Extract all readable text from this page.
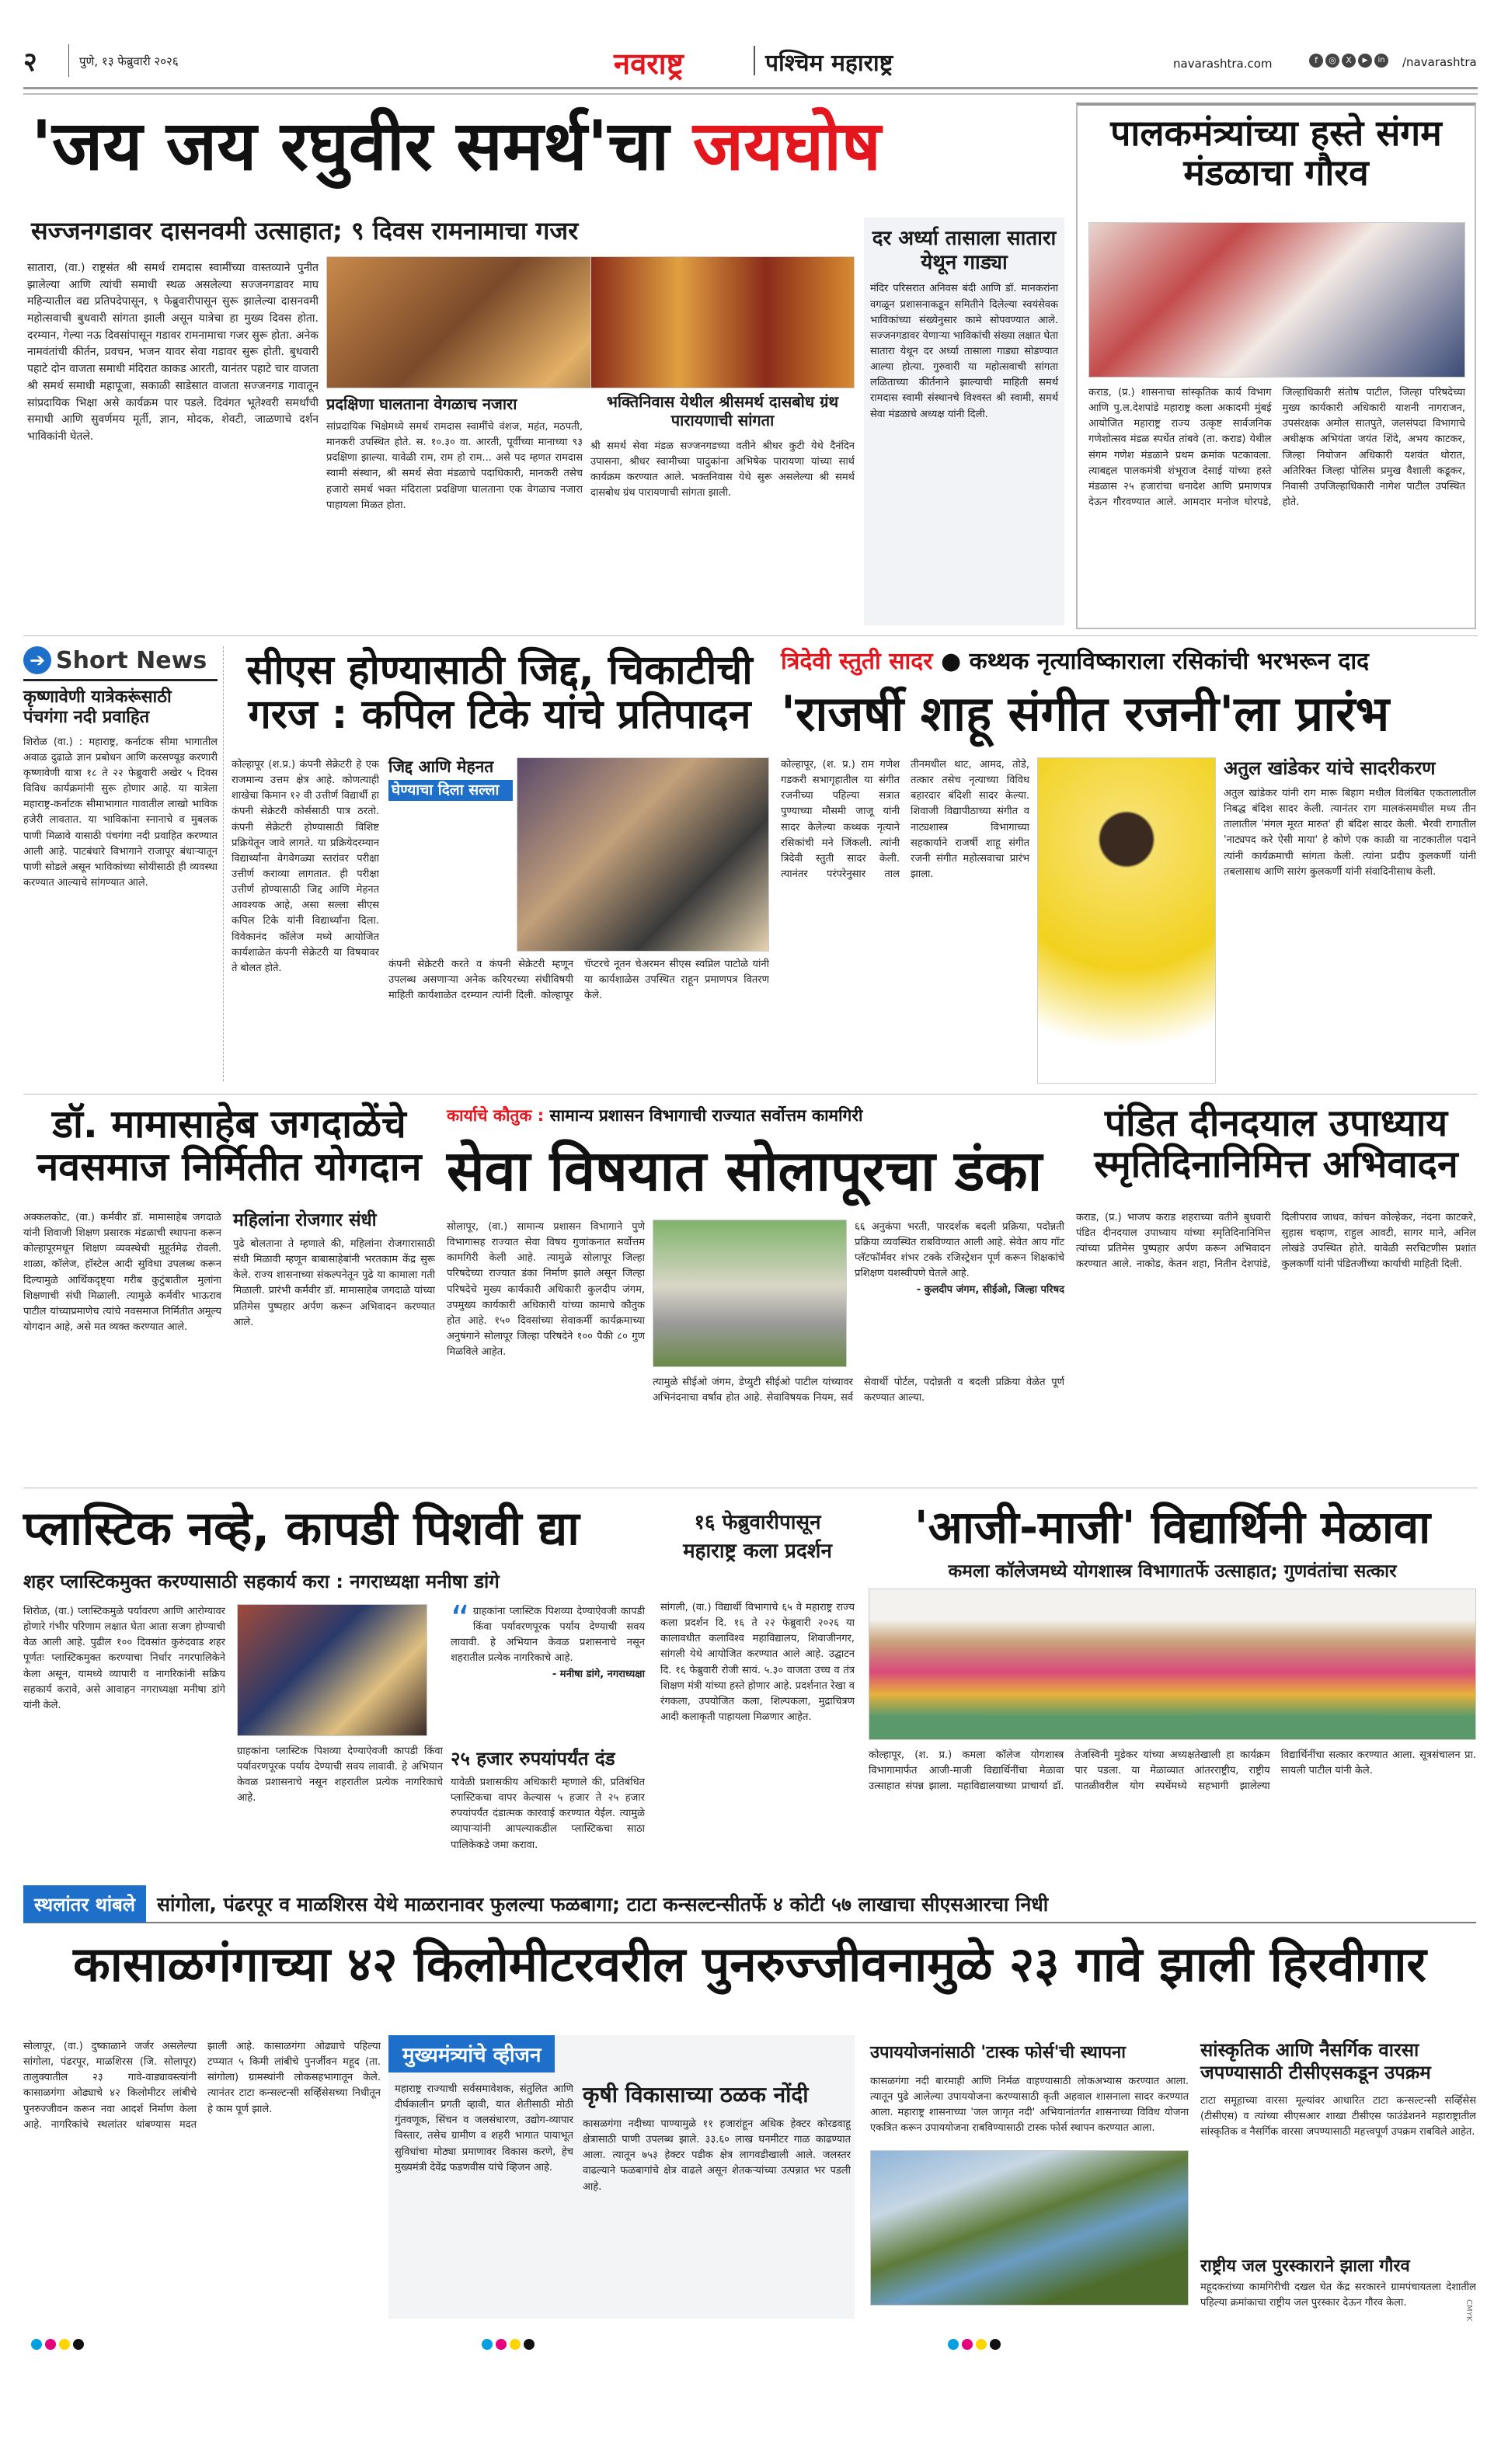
२	पुणे, १३ फेब्रुवारी २०२६	नवराष्ट्र	पश्चिम महाराष्ट्र	navarashtra.com	f	◎	X	▶	in /navarashtra
'जय जय रघुवीर समर्थ'चा जयघोष
सज्जनगडावर दासनवमी उत्साहात; ९ दिवस रामनामाचा गजर
सातारा, (वा.) राष्ट्रसंत श्री समर्थ रामदास स्वामींच्या वास्तव्याने पुनीत झालेल्या आणि त्यांची समाधी स्थळ असलेल्या सज्जनगडावर माघ महिन्यातील वद्य प्रतिपदेपासून, ९ फेब्रुवारीपासून सुरू झालेल्या दासनवमी महोत्सवाची बुधवारी सांगता झाली असून यात्रेचा हा मुख्य दिवस होता. दरम्यान, गेल्या नऊ दिवसांपासून गडावर रामनामाचा गजर सुरू होता. अनेक नामवंतांची कीर्तन, प्रवचन, भजन यावर सेवा गडावर सुरू होती. बुधवारी पहाटे दोन वाजता समाधी मंदिरात काकड आरती, यानंतर पहाटे चार वाजता श्री समर्थ समाधी महापूजा, सकाळी साडेसात वाजता सज्जनगड गावातून सांप्रदायिक भिक्षा असे कार्यक्रम पार पडले. दिवंगत भूतेश्वरी समर्थांची समाधी आणि सुवर्णमय मूर्ती, ज्ञान, मोदक, शेवटी, जाळणाचे दर्शन भाविकांनी घेतले.
प्रदक्षिणा घालताना वेगळाच नजारा
सांप्रदायिक भिक्षेमध्ये समर्थ रामदास स्वामींचे वंशज, महंत, मठपती, मानकरी उपस्थित होते. स. १०.३० वा. आरती, पूर्वीच्या मानाच्या ९३ प्रदक्षिणा झाल्या. यावेळी राम, राम हो राम... असे पद म्हणत रामदास स्वामी संस्थान, श्री समर्थ सेवा मंडळाचे पदाधिकारी, मानकरी तसेच हजारो समर्थ भक्त मंदिराला प्रदक्षिणा घालताना एक वेगळाच नजारा पाहायला मिळत होता.
भक्तिनिवास येथील श्रीसमर्थ दासबोध ग्रंथ पारायणाची सांगता
श्री समर्थ सेवा मंडळ सज्जनगडच्या वतीने श्रीधर कुटी येथे दैनंदिन उपासना, श्रीधर स्वामीच्या पादुकांना अभिषेक पारायणा यांच्या सार्थ कार्यक्रम करण्यात आले. भक्तनिवास येथे सुरू असलेल्या श्री समर्थ दासबोध ग्रंथ पारायणाची सांगता झाली.
दर अर्ध्या तासाला सातारा येथून गाड्या
मंदिर परिसरात अनिवस बंदी आणि डॉ. मानकरांना वगळून प्रशासनाकडून समितीने दिलेल्या स्वयंसेवक भाविकांच्या संख्येनुसार कामे सोपवण्यात आले. सज्जनगडावर येणाऱ्या भाविकांची संख्या लक्षात घेता सातारा येथून दर अर्ध्या तासाला गाड्या सोडण्यात आल्या होत्या. गुरुवारी या महोत्सवाची सांगता लळिताच्या कीर्तनाने झाल्याची माहिती समर्थ रामदास स्वामी संस्थानचे विश्वस्त श्री स्वामी, समर्थ सेवा मंडळाचे अध्यक्ष यांनी दिली.
पालकमंत्र्यांच्या हस्ते संगम मंडळाचा गौरव
कराड, (प्र.) शासनाचा सांस्कृतिक कार्य विभाग आणि पु.ल.देशपांडे महाराष्ट्र कला अकादमी मुंबई आयोजित महाराष्ट्र राज्य उत्कृष्ट सार्वजनिक गणेशोत्सव मंडळ स्पर्धेत तांबवे (ता. कराड) येथील संगम गणेश मंडळाने प्रथम क्रमांक पटकावला. त्याबद्दल पालकमंत्री शंभूराज देसाई यांच्या हस्ते मंडळास २५ हजारांचा धनादेश आणि प्रमाणपत्र देऊन गौरवण्यात आले. आमदार मनोज घोरपडे, जिल्हाधिकारी संतोष पाटील, जिल्हा परिषदेच्या मुख्य कार्यकारी अधिकारी याशनी नागराजन, उपसंरक्षक अमोल सातपुते, जलसंपदा विभागाचे अधीक्षक अभियंता जयंत शिंदे, अभय काटकर, जिल्हा नियोजन अधिकारी यशवंत थोरात, अतिरिक्त जिल्हा पोलिस प्रमुख वैशाली कडूकर, निवासी उपजिल्हाधिकारी नागेश पाटील उपस्थित होते.
➔ Short News
कृष्णावेणी यात्रेकरूंसाठी पंचगंगा नदी प्रवाहित
शिरोळ (वा.) : महाराष्ट्र, कर्नाटक सीमा भागातील अवाळ दुढाळे ज्ञान प्रबोधन आणि करसण्यूड करणारी कृष्णावेणी यात्रा १८ ते २२ फेब्रुवारी अखेर ५ दिवस विविध कार्यक्रमांनी सुरू होणार आहे. या यात्रेला महाराष्ट्र-कर्नाटक सीमाभागात गावातील लाखो भाविक हजेरी लावतात. या भाविकांना स्नानाचे व मुबलक पाणी मिळावे यासाठी पंचगंगा नदी प्रवाहित करण्यात आली आहे. पाटबंधारे विभागाने राजापूर बंधाऱ्यातून पाणी सोडले असून भाविकांच्या सोयीसाठी ही व्यवस्था करण्यात आल्याचे सांगण्यात आले.
सीएस होण्यासाठी जिद्द, चिकाटीची गरज : कपिल टिके यांचे प्रतिपादन
कोल्हापूर (श.प्र.) कंपनी सेक्रेटरी हे एक राजमान्य उत्तम क्षेत्र आहे. कोणत्याही शाखेचा किमान १२ वी उत्तीर्ण विद्यार्थी हा कंपनी सेक्रेटरी कोर्ससाठी पात्र ठरतो. कंपनी सेक्रेटरी होण्यासाठी विशिष्ट प्रक्रियेतून जावे लागते. या प्रक्रियेदरम्यान विद्यार्थ्यांना वेगवेगळ्या स्तरांवर परीक्षा उत्तीर्ण कराव्या लागतात. ही परीक्षा उत्तीर्ण होण्यासाठी जिद्द आणि मेहनत आवश्यक आहे, असा सल्ला सीएस कपिल टिके यांनी विद्यार्थ्यांना दिला. विवेकानंद कॉलेज मध्ये आयोजित कार्यशाळेत कंपनी सेक्रेटरी या विषयावर ते बोलत होते.
जिद्द आणि मेहनत
घेण्याचा दिला सल्ला
कंपनी सेक्रेटरी करते व कंपनी सेक्रेटरी म्हणून उपलब्ध असणाऱ्या अनेक करियरच्या संधीविषयी माहिती कार्यशाळेत दरम्यान त्यांनी दिली. कोल्हापूर चॅप्टरचे नूतन चेअरमन सीएस स्वप्निल पाटोळे यांनी या कार्यशाळेस उपस्थित राहून प्रमाणपत्र वितरण केले.
त्रिदेवी स्तुती सादर ● कथ्थक नृत्याविष्काराला रसिकांची भरभरून दाद
'राजर्षी शाहू संगीत रजनी'ला प्रारंभ
कोल्हापूर, (श. प्र.) राम गणेश गडकरी सभागृहातील या संगीत रजनीच्या पहिल्या सत्रात पुण्याच्या मौसमी जाजू यांनी सादर केलेल्या कथ्थक नृत्याने रसिकांची मने जिंकली. त्यांनी त्रिदेवी स्तुती सादर केली. त्यानंतर परंपरेनुसार ताल तीनमधील थाट, आमद, तोडे, तत्कार तसेच नृत्याच्या विविध बहारदार बंदिशी सादर केल्या. शिवाजी विद्यापीठाच्या संगीत व नाट्यशास्त्र विभागाच्या सहकार्याने राजर्षी शाहू संगीत रजनी संगीत महोत्सवाचा प्रारंभ झाला.
अतुल खांडेकर यांचे सादरीकरण
अतुल खांडेकर यांनी राग मारू बिहाग मधील विलंबित एकतालातील निबद्ध बंदिश सादर केली. त्यानंतर राग मालकंसमधील मध्य तीन तालातील 'मंगल मूरत मारुत' ही बंदिश सादर केली. भैरवी रागातील 'नाट्यपद करे ऐसी माया' हे कोणे एक काळी या नाटकातील पदाने त्यांनी कार्यक्रमाची सांगता केली. त्यांना प्रदीप कुलकर्णी यांनी तबलासाथ आणि सारंग कुलकर्णी यांनी संवादिनीसाथ केली.
डॉ. मामासाहेब जगदाळेंचे नवसमाज निर्मितीत योगदान
अक्कलकोट, (वा.) कर्मवीर डॉ. मामासाहेब जगदाळे यांनी शिवाजी शिक्षण प्रसारक मंडळाची स्थापना करून कोल्हापूरमधून शिक्षण व्यवस्थेची मुहूर्तमेढ रोवली. शाळा, कॉलेज, हॉस्टेल आदी सुविधा उपलब्ध करून दिल्यामुळे आर्थिकदृष्ट्या गरीब कुटुंबातील मुलांना शिक्षणाची संधी मिळाली. त्यामुळे कर्मवीर भाऊराव पाटील यांच्याप्रमाणेच त्यांचे नवसमाज निर्मितीत अमूल्य योगदान आहे, असे मत व्यक्त करण्यात आले.
महिलांना रोजगार संधी
पुढे बोलताना ते म्हणाले की, महिलांना रोजगारासाठी संधी मिळावी म्हणून बाबासाहेबांनी भरतकाम केंद्र सुरू केले. राज्य शासनाच्या संकल्पनेतून पुढे या कामाला गती मिळाली. प्रारंभी कर्मवीर डॉ. मामासाहेब जगदाळे यांच्या प्रतिमेस पुष्पहार अर्पण करून अभिवादन करण्यात आले.
कार्याचे कौतुक : सामान्य प्रशासन विभागाची राज्यात सर्वोत्तम कामगिरी
सेवा विषयात सोलापूरचा डंका
सोलापूर, (वा.) सामान्य प्रशासन विभागाने पुणे विभागासह राज्यात सेवा विषय गुणांकनात सर्वोत्तम कामगिरी केली आहे. त्यामुळे सोलापूर जिल्हा परिषदेच्या राज्यात डंका निर्माण झाले असून जिल्हा परिषदेचे मुख्य कार्यकारी अधिकारी कुलदीप जंगम, उपमुख्य कार्यकारी अधिकारी यांच्या कामाचे कौतुक होत आहे. १५० दिवसांच्या सेवाकर्मी कार्यक्रमाच्या अनुषंगाने सोलापूर जिल्हा परिषदेने १०० पैकी ८० गुण मिळविले आहेत.
६६ अनुकंपा भरती, पारदर्शक बदली प्रक्रिया, पदोन्नती प्रक्रिया व्यवस्थित राबविण्यात आली आहे. सेवेत आय गॉट प्लॅटफॉर्मवर शंभर टक्के रजिस्ट्रेशन पूर्ण करून शिक्षकांचे प्रशिक्षण यशस्वीपणे घेतले आहे.
- कुलदीप जंगम, सीईओ, जिल्हा परिषद
त्यामुळे सीईओ जंगम, डेप्युटी सीईओ पाटील यांच्यावर अभिनंदनाचा वर्षाव होत आहे. सेवाविषयक नियम, सर्व सेवार्थी पोर्टल, पदोन्नती व बदली प्रक्रिया वेळेत पूर्ण करण्यात आल्या.
पंडित दीनदयाल उपाध्याय स्मृतिदिनानिमित्त अभिवादन
कराड, (प्र.) भाजप कराड शहराच्या वतीने बुधवारी पंडित दीनदयाल उपाध्याय यांच्या स्मृतिदिनानिमित्त त्यांच्या प्रतिमेस पुष्पहार अर्पण करून अभिवादन करण्यात आले. नाकोड, केतन शहा, नितीन देशपांडे, दिलीपराव जाधव, कांचन कोल्हेकर, नंदना काटकरे, सुहास चव्हाण, राहुल आवटी, सागर माने, अनिल लोखंडे उपस्थित होते. यावेळी सरचिटणीस प्रशांत कुलकर्णी यांनी पंडितजींच्या कार्याची माहिती दिली.
प्लास्टिक नव्हे, कापडी पिशवी द्या
शहर प्लास्टिकमुक्त करण्यासाठी सहकार्य करा : नगराध्यक्षा मनीषा डांगे
शिरोळ, (वा.) प्लास्टिकमुळे पर्यावरण आणि आरोग्यावर होणारे गंभीर परिणाम लक्षात घेता आता सजग होण्याची वेळ आली आहे. पुढील १०० दिवसांत कुरुंदवाड शहर पूर्णतः प्लास्टिकमुक्त करण्याचा निर्धार नगरपालिकेने केला असून, यामध्ये व्यापारी व नागरिकांनी सक्रिय सहकार्य करावे, असे आवाहन नगराध्यक्षा मनीषा डांगे यांनी केले.
“ ग्राहकांना प्लास्टिक पिशव्या देण्याऐवजी कापडी किंवा पर्यावरणपूरक पर्याय देण्याची सवय लावावी. हे अभियान केवळ प्रशासनाचे नसून शहरातील प्रत्येक नागरिकाचे आहे.
- मनीषा डांगे, नगराध्यक्षा
२५ हजार रुपयांपर्यंत दंड
यावेळी प्रशासकीय अधिकारी म्हणाले की, प्रतिबंधित प्लास्टिकचा वापर केल्यास ५ हजार ते २५ हजार रुपयांपर्यंत दंडात्मक कारवाई करण्यात येईल. त्यामुळे व्यापाऱ्यांनी आपल्याकडील प्लास्टिकचा साठा पालिकेकडे जमा करावा.
ग्राहकांना प्लास्टिक पिशव्या देण्याऐवजी कापडी किंवा पर्यावरणपूरक पर्याय देण्याची सवय लावावी. हे अभियान केवळ प्रशासनाचे नसून शहरातील प्रत्येक नागरिकाचे आहे.
१६ फेब्रुवारीपासून
महाराष्ट्र कला प्रदर्शन
सांगली, (वा.) विद्यार्थी विभागाचे ६५ वे महाराष्ट्र राज्य कला प्रदर्शन दि. १६ ते २२ फेब्रुवारी २०२६ या कालावधीत कलाविश्व महाविद्यालय, शिवाजीनगर, सांगली येथे आयोजित करण्यात आले आहे. उद्घाटन दि. १६ फेब्रुवारी रोजी सायं. ५.३० वाजता उच्च व तंत्र शिक्षण मंत्री यांच्या हस्ते होणार आहे. प्रदर्शनात रेखा व रंगकला, उपयोजित कला, शिल्पकला, मुद्राचित्रण आदी कलाकृती पाहायला मिळणार आहेत.
'आजी-माजी' विद्यार्थिनी मेळावा
कमला कॉलेजमध्ये योगशास्त्र विभागातर्फे उत्साहात; गुणवंतांचा सत्कार
कोल्हापूर, (श. प्र.) कमला कॉलेज योगशास्त्र विभागामार्फत आजी-माजी विद्यार्थिनींचा मेळावा उत्साहात संपन्न झाला. महाविद्यालयाच्या प्राचार्या डॉ. तेजस्विनी मुडेकर यांच्या अध्यक्षतेखाली हा कार्यक्रम पार पडला. या मेळाव्यात आंतरराष्ट्रीय, राष्ट्रीय पातळीवरील योग स्पर्धेमध्ये सहभागी झालेल्या विद्यार्थिनींचा सत्कार करण्यात आला. सूत्रसंचालन प्रा. सायली पाटील यांनी केले.
स्थलांतर थांबले	सांगोला, पंढरपूर व माळशिरस येथे माळरानावर फुलल्या फळबागा; टाटा कन्सल्टन्सीतर्फे ४ कोटी ५७ लाखाचा सीएसआरचा निधी
कासाळगंगाच्या ४२ किलोमीटरवरील पुनरुज्जीवनामुळे २३ गावे झाली हिरवीगार
सोलापूर, (वा.) दुष्काळाने जर्जर असलेल्या सांगोला, पंढरपूर, माळशिरस (जि. सोलापूर) तालुक्यातील २३ गावे-वाड्यावस्त्यांनी कासाळगंगा ओढ्याचे ४२ किलोमीटर लांबीचे पुनरुज्जीवन करून नवा आदर्श निर्माण केला आहे. नागरिकांचे स्थलांतर थांबण्यास मदत झाली आहे. कासाळगंगा ओढ्याचे पहिल्या टप्प्यात ५ किमी लांबीचे पुनर्जीवन महूद (ता. सांगोला) ग्रामस्थांनी लोकसहभागातून केले. त्यानंतर टाटा कन्सल्टन्सी सर्व्हिसेसच्या निधीतून हे काम पूर्ण झाले.
मुख्यमंत्र्यांचे व्हीजन
महाराष्ट्र राज्याची सर्वसमावेशक, संतुलित आणि दीर्घकालीन प्रगती व्हावी, यात शेतीसाठी मोठी गुंतवणूक, सिंचन व जलसंधारण, उद्योग-व्यापार विस्तार, तसेच ग्रामीण व शहरी भागात पायाभूत सुविधांचा मोठ्या प्रमाणावर विकास करणे, हेच मुख्यमंत्री देवेंद्र फडणवीस यांचे व्हिजन आहे.
कृषी विकासाच्या ठळक नोंदी
कासळगंगा नदीच्या पाण्यामुळे ११ हजारांहून अधिक हेक्टर कोरडवाहू क्षेत्रासाठी पाणी उपलब्ध झाले. ३३.६० लाख घनमीटर गाळ काढण्यात आला. त्यातून ७५३ हेक्टर पडीक क्षेत्र लागवडीखाली आले. जलस्तर वाढल्याने फळबागांचे क्षेत्र वाढले असून शेतकऱ्यांच्या उत्पन्नात भर पडली आहे.
उपाययोजनांसाठी 'टास्क फोर्स'ची स्थापना
कासळगंगा नदी बारमाही आणि निर्मळ वाहण्यासाठी लोकअभ्यास करण्यात आला. त्यातून पुढे आलेल्या उपाययोजना करण्यासाठी कृती अहवाल शासनाला सादर करण्यात आला. महाराष्ट्र शासनाच्या 'जल जागृत नदी' अभियानांतर्गत शासनाच्या विविध योजना एकत्रित करून उपाययोजना राबविण्यासाठी टास्क फोर्स स्थापन करण्यात आला.
सांस्कृतिक आणि नैसर्गिक वारसा जपण्यासाठी टीसीएसकडून उपक्रम
टाटा समूहाच्या वारसा मूल्यांवर आधारित टाटा कन्सल्टन्सी सर्व्हिसेस (टीसीएस) व त्यांच्या सीएसआर शाखा टीसीएस फाउंडेशनने महाराष्ट्रातील सांस्कृतिक व नैसर्गिक वारसा जपण्यासाठी महत्त्वपूर्ण उपक्रम राबविले आहेत.
राष्ट्रीय जल पुरस्काराने झाला गौरव
महूदकरांच्या कामगिरीची दखल घेत केंद्र सरकारने ग्रामपंचायतला देशातील पहिल्या क्रमांकाचा राष्ट्रीय जल पुरस्कार देऊन गौरव केला.	CMYK
